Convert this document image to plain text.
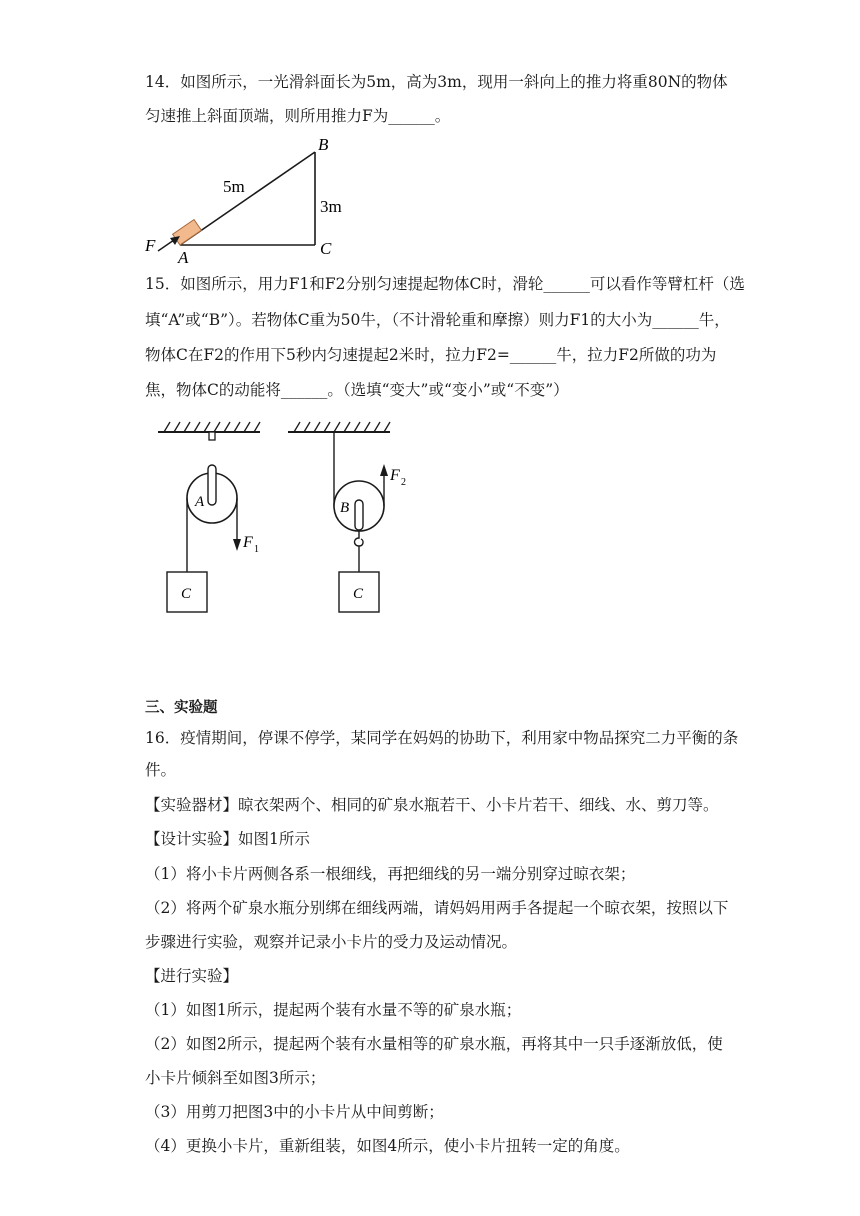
14．如图所示，一光滑斜面长为5m，高为3m，现用一斜向上的推力将重80N的物体
匀速推上斜面顶端，则所用推力F为______。
B
5m
3m
F
A	C
15．如图所示，用力F1和F2分别匀速提起物体C时，滑轮______可以看作等臂杠杆（选
填“A”或“B”）。若物体C重为50牛，（不计滑轮重和摩擦）则力F1的大小为______牛，
物体C在F2的作用下5秒内匀速提起2米时，拉力F2=______牛，拉力F2所做的功为
焦，物体C的动能将______。（选填“变大”或“变小”或“不变”）
A
F 1
C
B
F 2
C
三、实验题
16．疫情期间，停课不停学，某同学在妈妈的协助下，利用家中物品探究二力平衡的条
件。
【实验器材】晾衣架两个、相同的矿泉水瓶若干、小卡片若干、细线、水、剪刀等。
【设计实验】如图1所示
（1）将小卡片两侧各系一根细线，再把细线的另一端分别穿过晾衣架；
（2）将两个矿泉水瓶分别绑在细线两端，请妈妈用两手各提起一个晾衣架，按照以下
步骤进行实验，观察并记录小卡片的受力及运动情况。
【进行实验】
（1）如图1所示，提起两个装有水量不等的矿泉水瓶；
（2）如图2所示，提起两个装有水量相等的矿泉水瓶，再将其中一只手逐渐放低，使
小卡片倾斜至如图3所示；
（3）用剪刀把图3中的小卡片从中间剪断；
（4）更换小卡片，重新组装，如图4所示，使小卡片扭转一定的角度。
